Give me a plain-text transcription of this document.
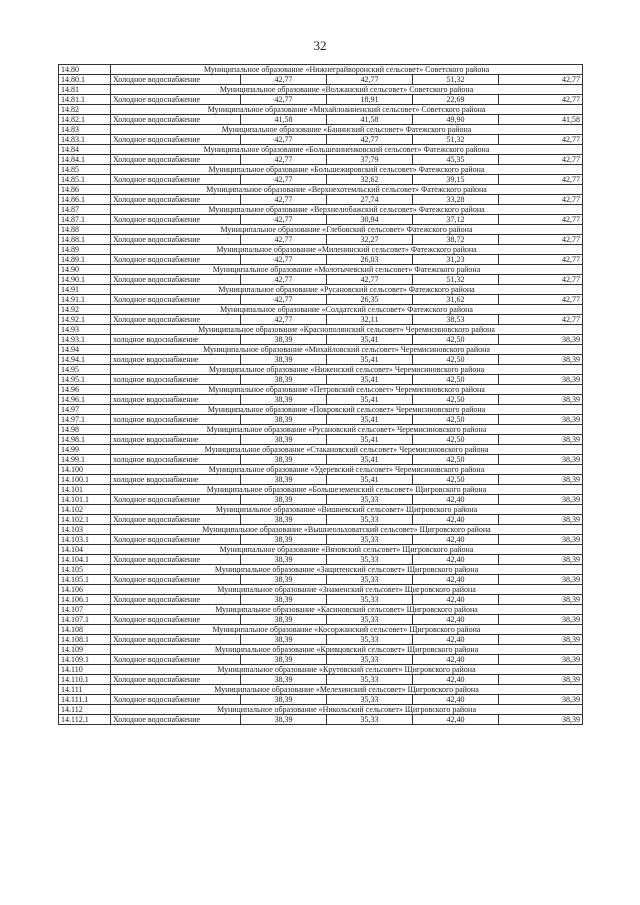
32
14.80	Муниципальное образование «Нижнеграйворонский сельсовет» Советского района				
14.80.1	Холодное водоснабжение	42,77	42,77	51,32	42,77
14.81	Муниципальное образование «Волжанский сельсовет» Советского района				
14.81.1	Холодное водоснабжение	42,77	18,91	22,69	42,77
14.82	Муниципальное образование «Михайлоанненский сельсовет» Советского района				
14.82.1	Холодное водоснабжение	41,58	41,58	49,90	41,58
14.83	Муниципальное образование «Банинский сельсовет» Фатежского района				
14.83.1	Холодное водоснабжение	42,77	42,77	51,32	42,77
14.84	Муниципальное образование «Большеанненковский сельсовет» Фатежского района				
14.84.1	Холодное водоснабжение	42,77	37,79	45,35	42,77
14.85	Муниципальное образование «Большежировский сельсовет» Фатежского района				
14.85.1	Холодное водоснабжение	42,77	32,62	39,15	42,77
14.86	Муниципальное образование «Верхнехотемльский сельсовет» Фатежского района				
14.86.1	Холодное водоснабжение	42,77	27,74	33,28	42,77
14.87	Муниципальное образование «Верхнелюбажский сельсовет» Фатежского района				
14.87.1	Холодное водоснабжение	42,77	30,94	37,12	42,77
14.88	Муниципальное образование «Глебовский сельсовет» Фатежского района				
14.88.1	Холодное водоснабжение	42,77	32,27	38,72	42,77
14.89	Муниципальное образование «Миленинский сельсовет» Фатежского района				
14.89.1	Холодное водоснабжение	42,77	26,03	31,23	42,77
14.90	Муниципальное образование «Молотычевский сельсовет» Фатежского района				
14.90.1	Холодное водоснабжение	42,77	42,77	51,32	42,77
14.91	Муниципальное образование «Русановский сельсовет» Фатежского района				
14.91.1	Холодное водоснабжение	42,77	26,35	31,62	42,77
14.92	Муниципальное образование «Солдатский сельсовет» Фатежского района				
14.92.1	Холодное водоснабжение	42,77	32,11	38,53	42,77
14.93	Муниципальное образование «Краснополянский сельсовет» Черемисиновского района				
14.93.1	холодное водоснабжение	38,39	35,41	42,50	38,39
14.94	Муниципальное образование «Михайловский сельсовет» Черемисиновского района				
14.94.1	холодное водоснабжение	38,39	35,41	42,50	38,39
14.95	Муниципальное образование «Ниженский сельсовет» Черемисиновского района				
14.95.1	холодное водоснабжение	38,39	35,41	42,50	38,39
14.96	Муниципальное образование «Петровский сельсовет» Черемисиновского района				
14.96.1	холодное водоснабжение	38,39	35,41	42,50	38,39
14.97	Муниципальное образование «Покровский сельсовет» Черемисиновского района				
14.97.1	холодное водоснабжение	38,39	35,41	42,50	38,39
14.98	Муниципальное образование «Русановский сельсовет» Черемисиновского района				
14.98.1	холодное водоснабжение	38,39	35,41	42,50	38,39
14.99	Муниципальное образование «Стакановский сельсовет» Черемисиновского района				
14.99.1	холодное водоснабжение	38,39	35,41	42,50	38,39
14.100	Муниципальное образование «Удеревский сельсовет» Черемисиновского района				
14.100.1	холодное водоснабжение	38,39	35,41	42,50	38,39
14.101	Муниципальное образование «Большеземенский сельсовет» Щигровского района				
14.101.1	Холодное водоснабжение	38,39	35,33	42,40	38,39
14.102	Муниципальное образование «Вишневский сельсовет» Щигровского района				
14.102.1	Холодное водоснабжение	38,39	35,33	42,40	38,39
14.103	Муниципальное образование «Вышнеольховатский сельсовет» Щигровского района				
14.103.1	Холодное водоснабжение	38,39	35,33	42,40	38,39
14.104	Муниципальное образование «Вязовский сельсовет» Щигровского района				
14.104.1	Холодное водоснабжение	38,39	35,33	42,40	38,39
14.105	Муниципальное образование «Защитенский сельсовет» Щигровского района				
14.105.1	Холодное водоснабжение	38,39	35,33	42,40	38,39
14.106	Муниципальное образование «Знаменский сельсовет» Щигровского района				
14.106.1	Холодное водоснабжение	38,39	35,33	42,40	38,39
14.107	Муниципальное образование «Касиновский сельсовет» Щигровского района				
14.107.1	Холодное водоснабжение	38,39	35,33	42,40	38,39
14.108	Муниципальное образование «Косоржанский сельсовет» Щигровского района				
14.108.1	Холодное водоснабжение	38,39	35,33	42,40	38,39
14.109	Муниципальное образование «Кривцовский сельсовет» Щигровского района				
14.109.1	Холодное водоснабжение	38,39	35,33	42,40	38,39
14.110	Муниципальное образование «Крутовский сельсовет» Щигровского района				
14.110.1	Холодное водоснабжение	38,39	35,33	42,40	38,39
14.111	Муниципальное образование «Мелехинский сельсовет» Щигровского района				
14.111.1	Холодное водоснабжение	38,39	35,33	42,40	38,39
14.112	Муниципальное образование «Никольский сельсовет» Щигровского района				
14.112.1	Холодное водоснабжение	38,39	35,33	42,40	38,39
